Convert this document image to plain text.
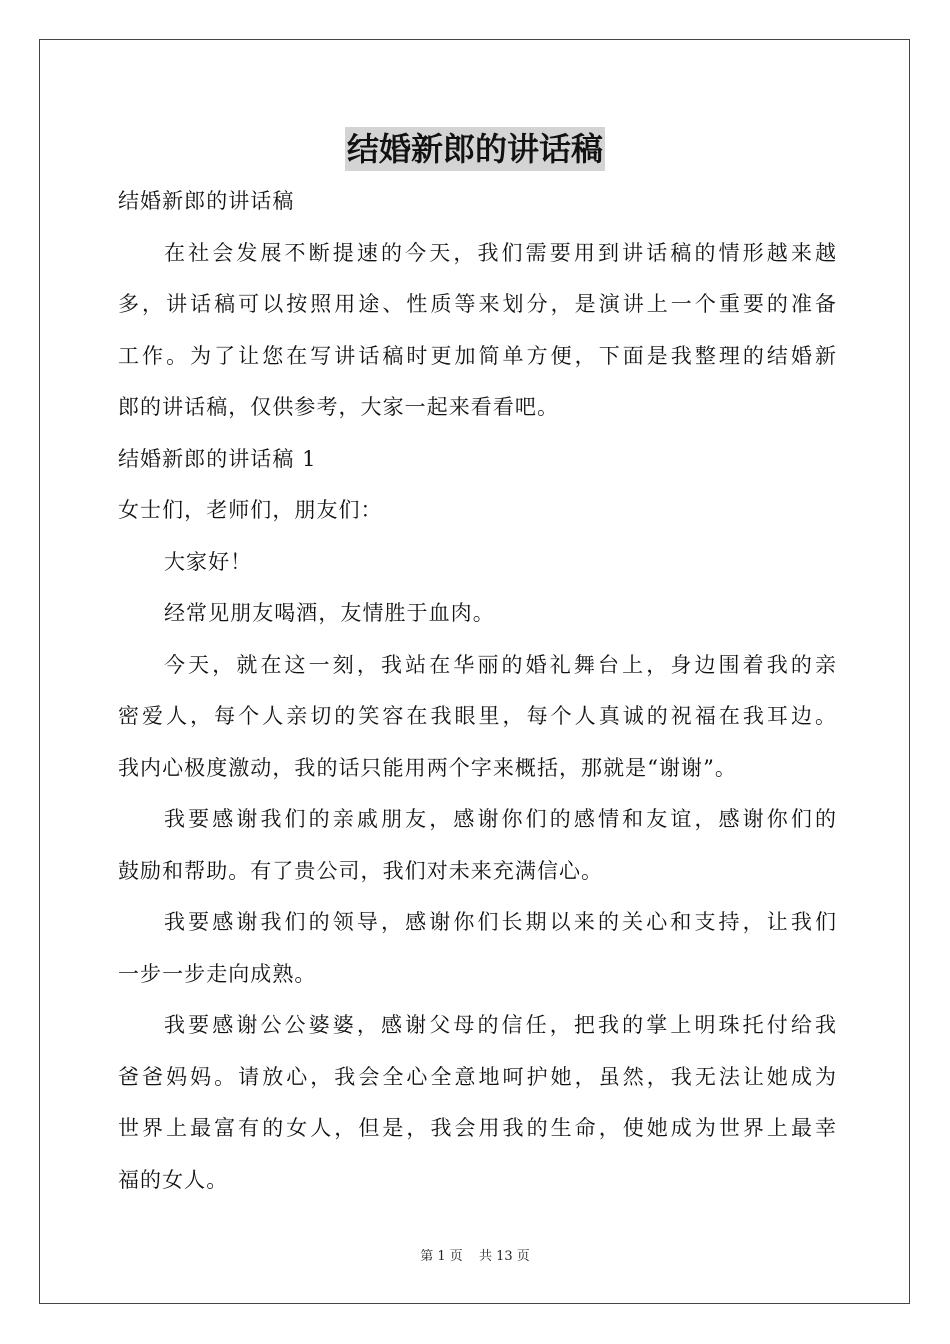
结婚新郎的讲话稿
结婚新郎的讲话稿
在社会发展不断提速的今天，我们需要用到讲话稿的情形越来越
多，讲话稿可以按照用途、性质等来划分，是演讲上一个重要的准备
工作。为了让您在写讲话稿时更加简单方便，下面是我整理的结婚新
郎的讲话稿，仅供参考，大家一起来看看吧。
结婚新郎的讲话稿 1
女士们，老师们，朋友们：
大家好！
经常见朋友喝酒，友情胜于血肉。
今天，就在这一刻，我站在华丽的婚礼舞台上，身边围着我的亲
密爱人，每个人亲切的笑容在我眼里，每个人真诚的祝福在我耳边。
我内心极度激动，我的话只能用两个字来概括，那就是“谢谢”。
我要感谢我们的亲戚朋友，感谢你们的感情和友谊，感谢你们的
鼓励和帮助。有了贵公司，我们对未来充满信心。
我要感谢我们的领导，感谢你们长期以来的关心和支持，让我们
一步一步走向成熟。
我要感谢公公婆婆，感谢父母的信任，把我的掌上明珠托付给我
爸爸妈妈。请放心，我会全心全意地呵护她，虽然，我无法让她成为
世界上最富有的女人，但是，我会用我的生命，使她成为世界上最幸
福的女人。
第 1 页 共 13 页
